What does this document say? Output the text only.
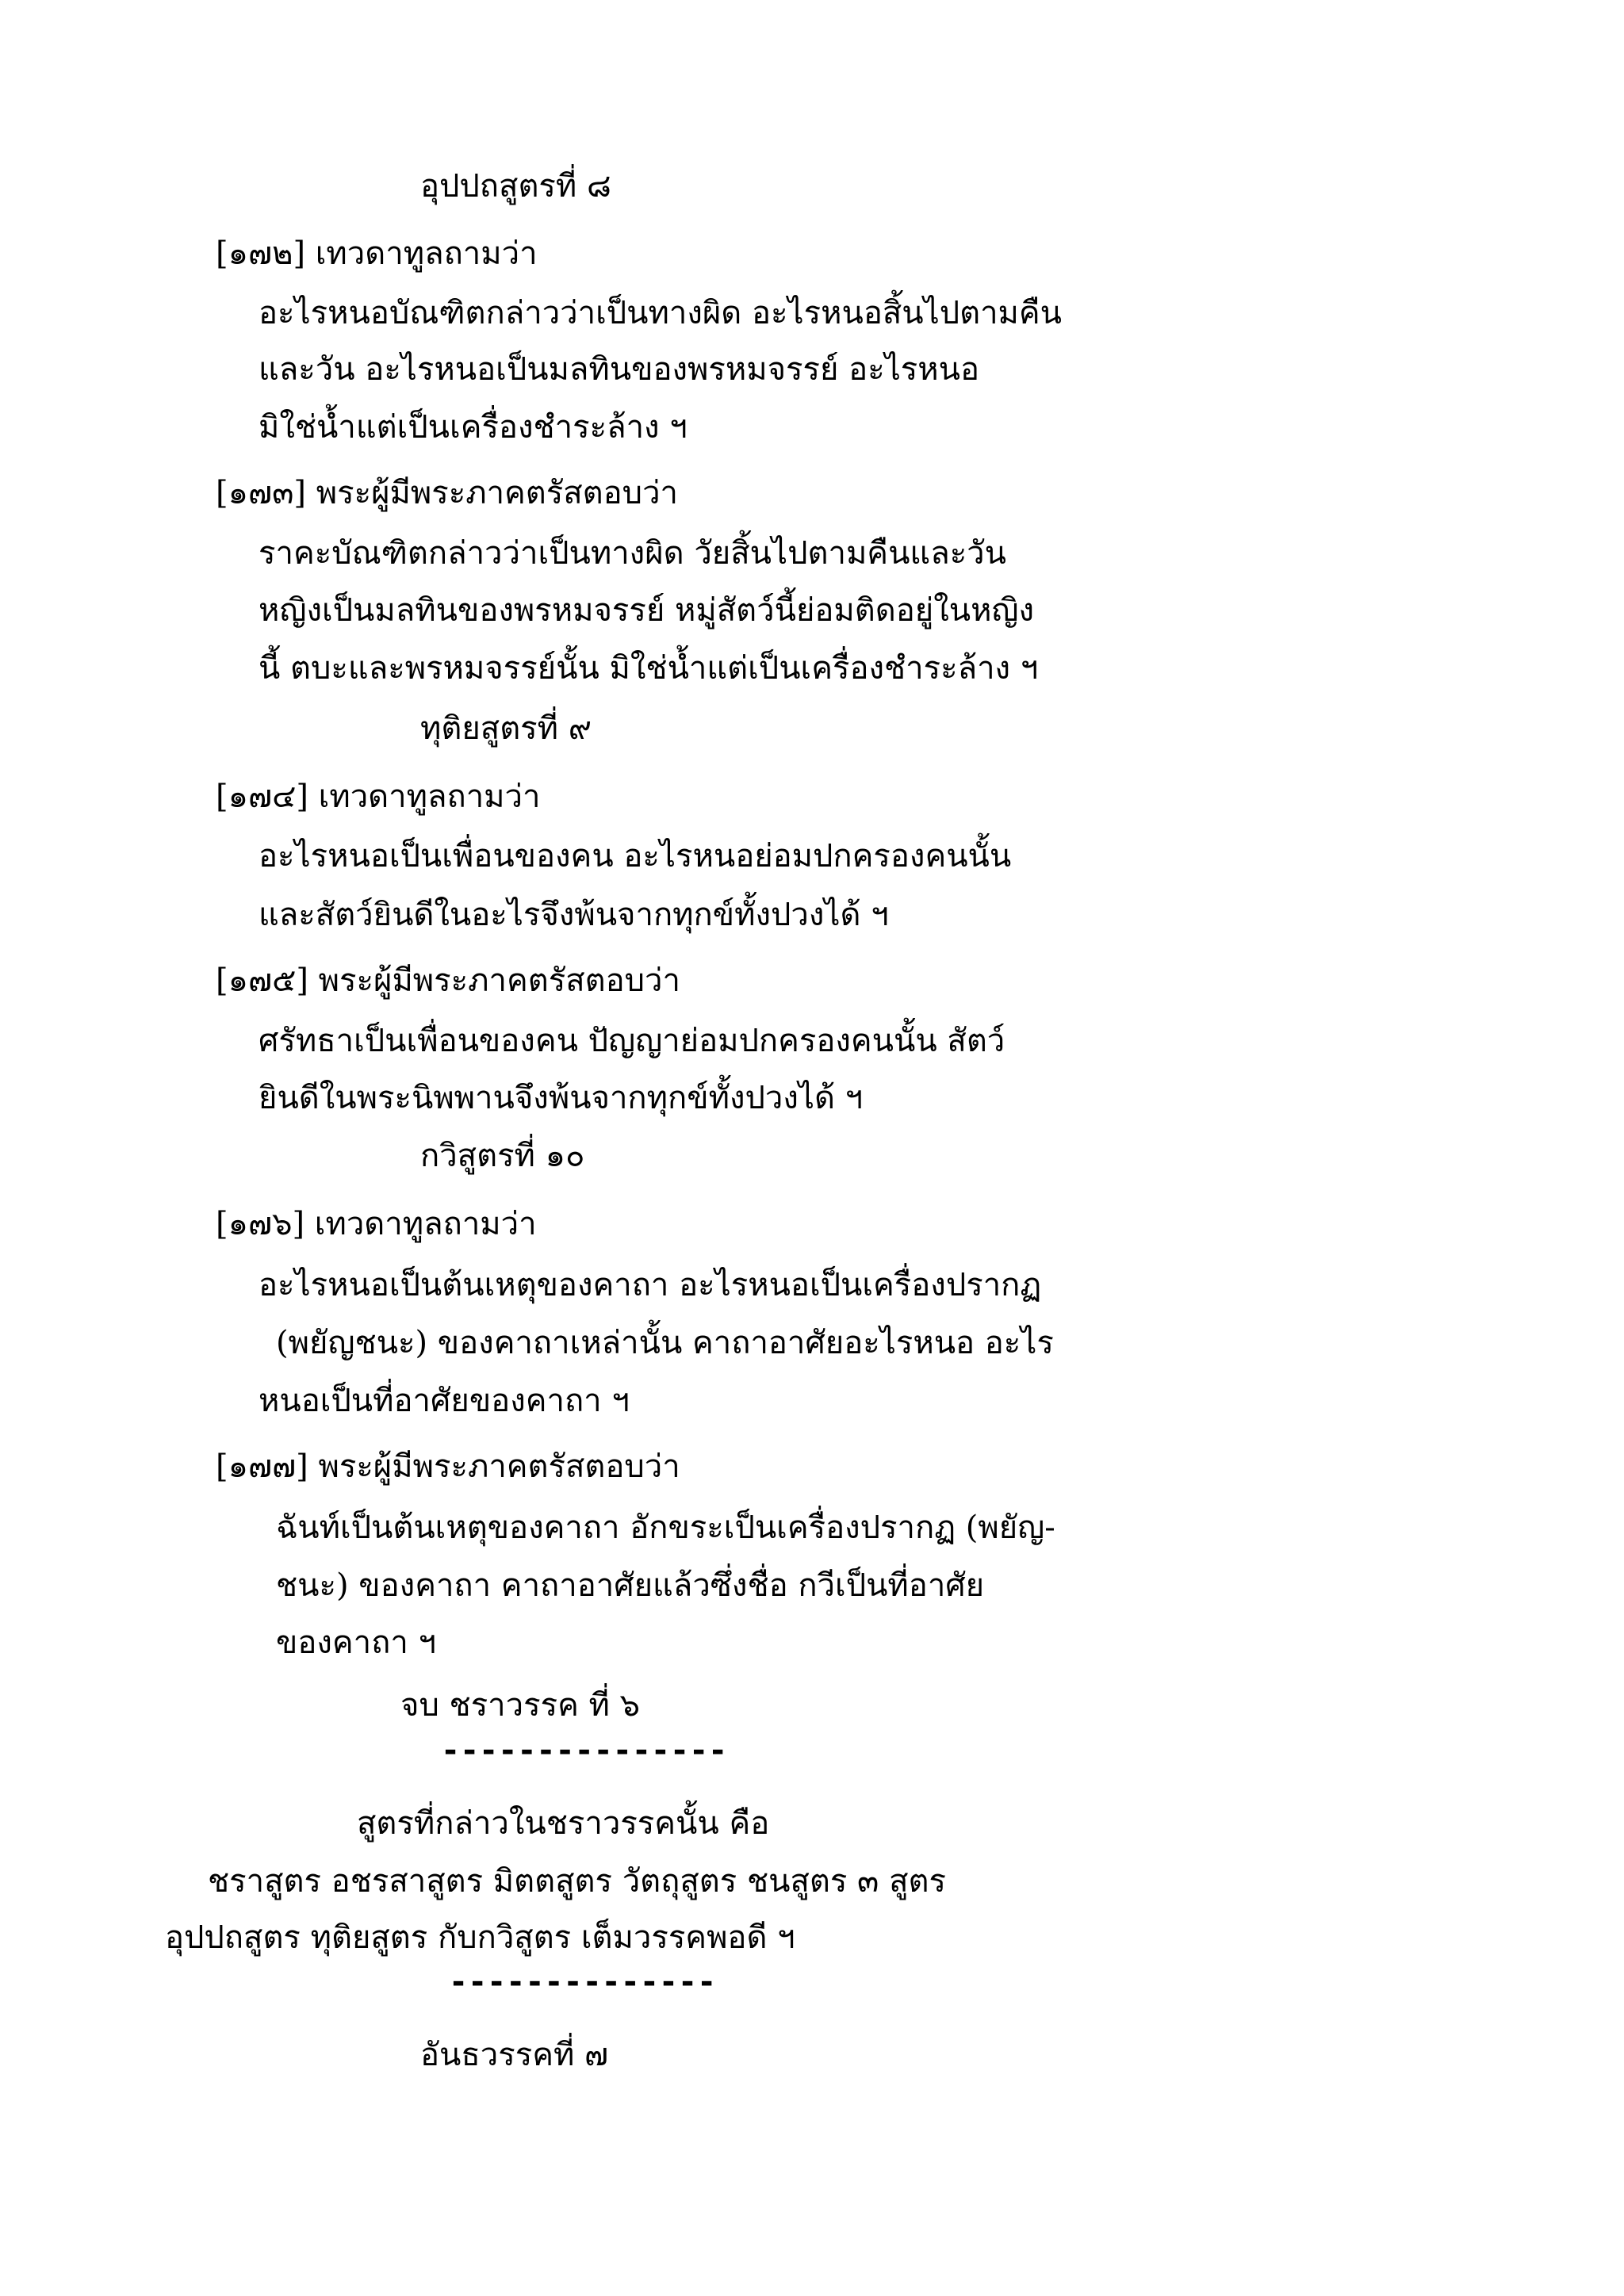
อุปปถสูตรที่ ๘
[๑๗๒] เทวดาทูลถามว่า
อะไรหนอบัณฑิตกล่าวว่าเป็นทางผิด อะไรหนอสิ้นไปตามคืน
และวัน อะไรหนอเป็นมลทินของพรหมจรรย์ อะไรหนอ
มิใช่น้ำแต่เป็นเครื่องชำระล้าง ฯ
[๑๗๓] พระผู้มีพระภาคตรัสตอบว่า
ราคะบัณฑิตกล่าวว่าเป็นทางผิด วัยสิ้นไปตามคืนและวัน
หญิงเป็นมลทินของพรหมจรรย์ หมู่สัตว์นี้ย่อมติดอยู่ในหญิง
นี้ ตบะและพรหมจรรย์นั้น มิใช่น้ำแต่เป็นเครื่องชำระล้าง ฯ
ทุติยสูตรที่ ๙
[๑๗๔] เทวดาทูลถามว่า
อะไรหนอเป็นเพื่อนของคน อะไรหนอย่อมปกครองคนนั้น
และสัตว์ยินดีในอะไรจึงพ้นจากทุกข์ทั้งปวงได้ ฯ
[๑๗๕] พระผู้มีพระภาคตรัสตอบว่า
ศรัทธาเป็นเพื่อนของคน ปัญญาย่อมปกครองคนนั้น สัตว์
ยินดีในพระนิพพานจึงพ้นจากทุกข์ทั้งปวงได้ ฯ
กวิสูตรที่ ๑๐
[๑๗๖] เทวดาทูลถามว่า
อะไรหนอเป็นต้นเหตุของคาถา อะไรหนอเป็นเครื่องปรากฏ
(พยัญชนะ) ของคาถาเหล่านั้น คาถาอาศัยอะไรหนอ อะไร
หนอเป็นที่อาศัยของคาถา ฯ
[๑๗๗] พระผู้มีพระภาคตรัสตอบว่า
ฉันท์เป็นต้นเหตุของคาถา อักขระเป็นเครื่องปรากฏ (พยัญ-
ชนะ) ของคาถา คาถาอาศัยแล้วซึ่งชื่อ กวีเป็นที่อาศัย
ของคาถา ฯ
จบ ชราวรรค ที่ ๖
---------------
สูตรที่กล่าวในชราวรรคนั้น คือ
ชราสูตร อชรสาสูตร มิตตสูตร วัตถุสูตร ชนสูตร ๓ สูตร
อุปปถสูตร ทุติยสูตร กับกวิสูตร เต็มวรรคพอดี ฯ
--------------
อันธวรรคที่ ๗
